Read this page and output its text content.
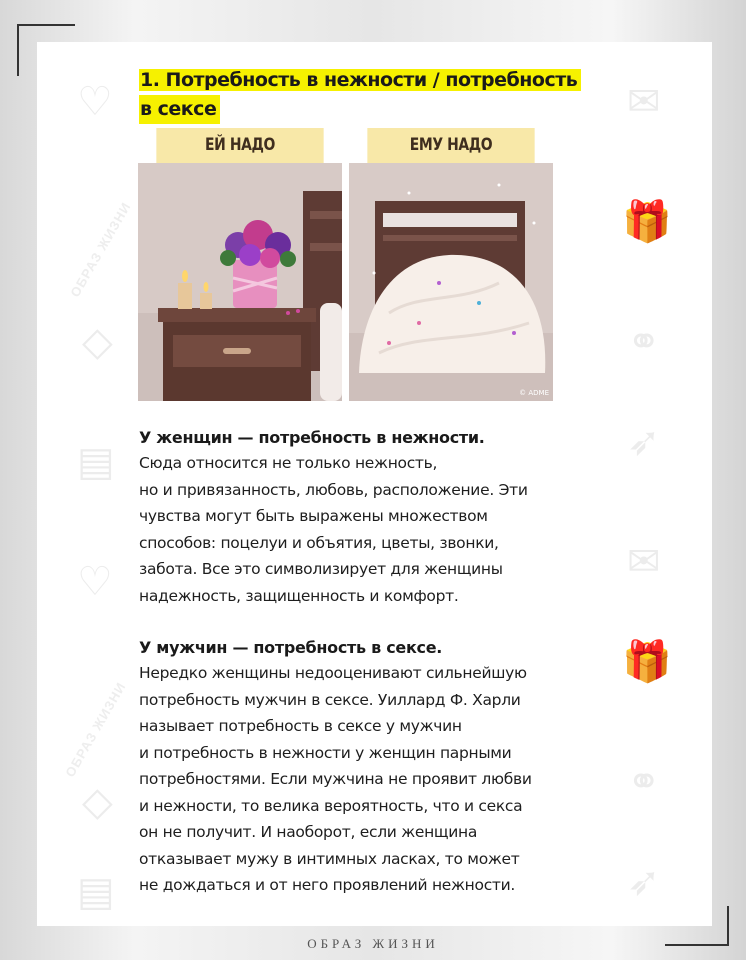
✉
🎁
⚭
➶
✉
🎁
⚭
➶
♡
◇
▤
♡
◇
▤
ОБРАЗ ЖИЗНИ
ОБРАЗ ЖИЗНИ
1. Потребность в нежности / потребность
в сексе
ЕЙ НАДО	ЕМУ НАДО
© ADME
У женщин — потребность в нежности.
Сюда относится не только нежность,
но и привязанность, любовь, расположение. Эти
чувства могут быть выражены множеством
способов: поцелуи и объятия, цветы, звонки,
забота. Все это символизирует для женщины
надежность, защищенность и комфорт.
У мужчин — потребность в сексе.
Нередко женщины недооценивают сильнейшую
потребность мужчин в сексе. Уиллард Ф. Харли
называет потребность в сексе у мужчин
и потребность в нежности у женщин парными
потребностями. Если мужчина не проявит любви
и нежности, то велика вероятность, что и секса
он не получит. И наоборот, если женщина
отказывает мужу в интимных ласках, то может
не дождаться и от него проявлений нежности.
ОБРАЗ ЖИЗНИ
